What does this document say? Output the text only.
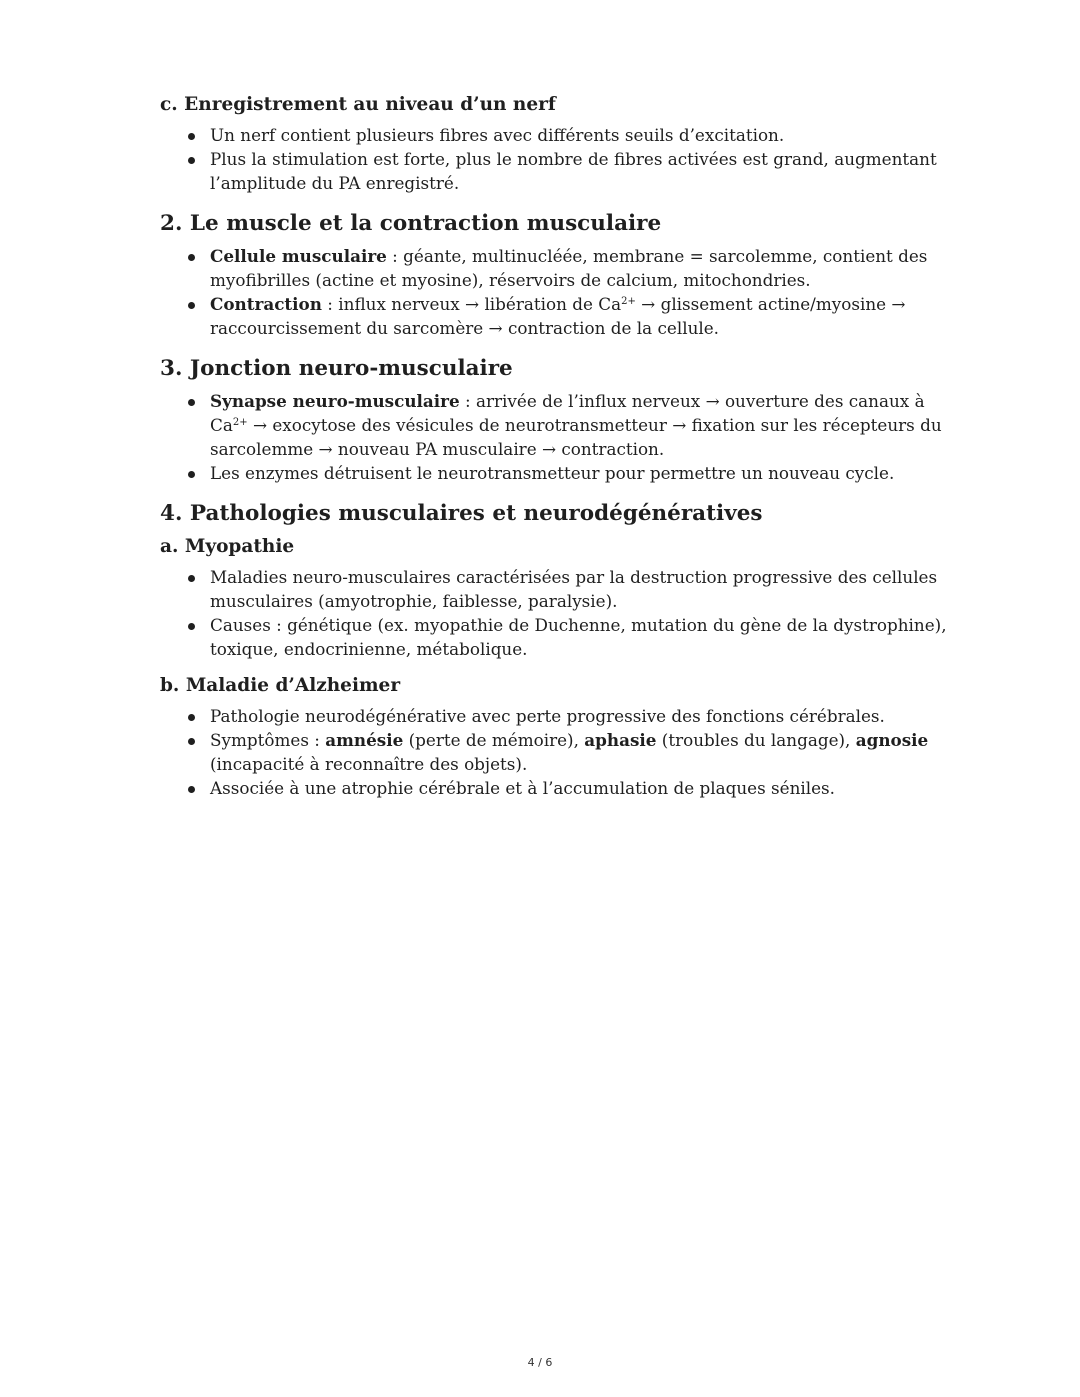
c. Enregistrement au niveau d’un nerf
Un nerf contient plusieurs fibres avec différents seuils d’excitation.
Plus la stimulation est forte, plus le nombre de fibres activées est grand, augmentant l’amplitude du PA enregistré.
2. Le muscle et la contraction musculaire
Cellule musculaire : géante, multinucléée, membrane = sarcolemme, contient des myofibrilles (actine et myosine), réservoirs de calcium, mitochondries.
Contraction : influx nerveux → libération de $Ca^{2+}$ → glissement actine/myosine → raccourcissement du sarcomère → contraction de la cellule.
3. Jonction neuro-musculaire
Synapse neuro-musculaire : arrivée de l’influx nerveux → ouverture des canaux à $Ca^{2+}$ → exocytose des vésicules de neurotransmetteur → fixation sur les récepteurs du sarcolemme → nouveau PA musculaire → contraction.
Les enzymes détruisent le neurotransmetteur pour permettre un nouveau cycle.
4. Pathologies musculaires et neurodégénératives
a. Myopathie
Maladies neuro-musculaires caractérisées par la destruction progressive des cellules musculaires (amyotrophie, faiblesse, paralysie).
Causes : génétique (ex. myopathie de Duchenne, mutation du gène de la dystrophine), toxique, endocrinienne, métabolique.
b. Maladie d’Alzheimer
Pathologie neurodégénérative avec perte progressive des fonctions cérébrales.
Symptômes : amnésie (perte de mémoire), aphasie (troubles du langage), agnosie (incapacité à reconnaître des objets).
Associée à une atrophie cérébrale et à l’accumulation de plaques séniles.
4 / 6
